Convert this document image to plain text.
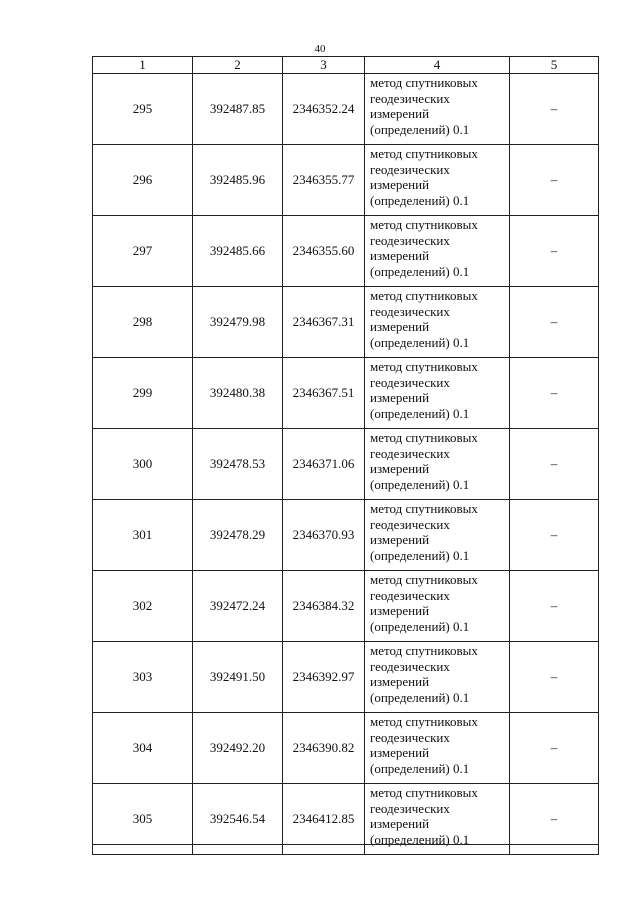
40
1	2	3	4	5
295	392487.85	2346352.24	метод спутниковых
геодезических
измерений
(определений) 0.1	–
296	392485.96	2346355.77	метод спутниковых
геодезических
измерений
(определений) 0.1	–
297	392485.66	2346355.60	метод спутниковых
геодезических
измерений
(определений) 0.1	–
298	392479.98	2346367.31	метод спутниковых
геодезических
измерений
(определений) 0.1	–
299	392480.38	2346367.51	метод спутниковых
геодезических
измерений
(определений) 0.1	–
300	392478.53	2346371.06	метод спутниковых
геодезических
измерений
(определений) 0.1	–
301	392478.29	2346370.93	метод спутниковых
геодезических
измерений
(определений) 0.1	–
302	392472.24	2346384.32	метод спутниковых
геодезических
измерений
(определений) 0.1	–
303	392491.50	2346392.97	метод спутниковых
геодезических
измерений
(определений) 0.1	–
304	392492.20	2346390.82	метод спутниковых
геодезических
измерений
(определений) 0.1	–
305	392546.54	2346412.85	метод спутниковых
геодезических
измерений
(определений) 0.1	–
